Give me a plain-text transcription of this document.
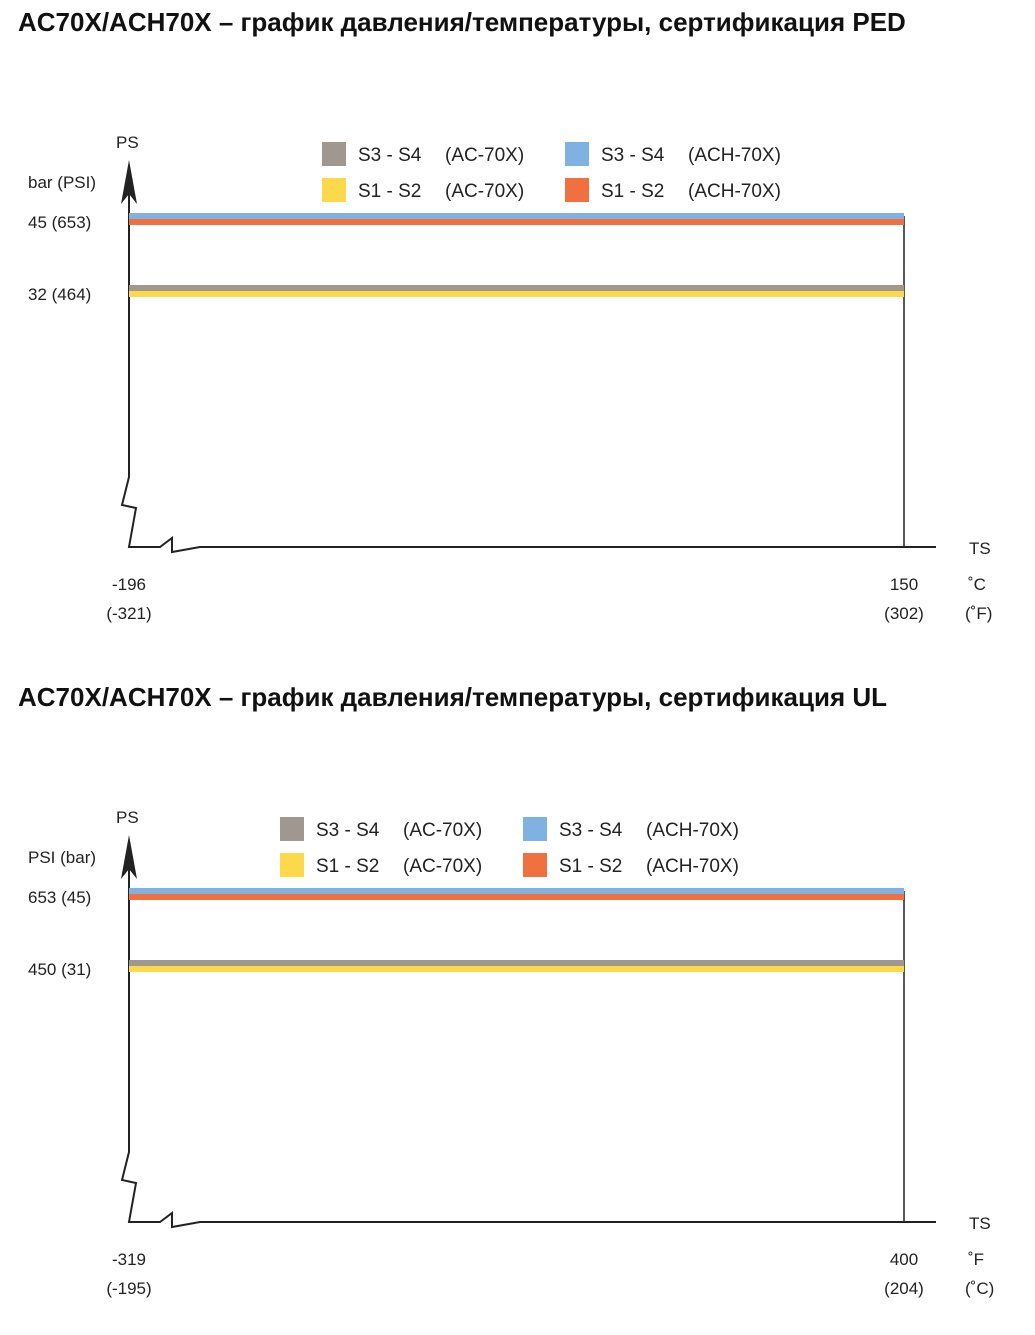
AC70X/ACH70X – график давления/температуры, сертификация PED
PS
bar (PSI)
TS
˚C
(˚F)
45 (653)
32 (464)
-196
(-321)
150
(302)
S3 - S4 (AC-70X)	S3 - S4 (ACH-70X)
S1 - S2 (AC-70X)	S1 - S2 (ACH-70X)
AC70X/ACH70X – график давления/температуры, сертификация UL
PS
PSI (bar)
TS
˚F
(˚C)
653 (45)
450 (31)
-319
(-195)
400
(204)
S3 - S4 (AC-70X)	S3 - S4 (ACH-70X)
S1 - S2 (AC-70X)	S1 - S2 (ACH-70X)
